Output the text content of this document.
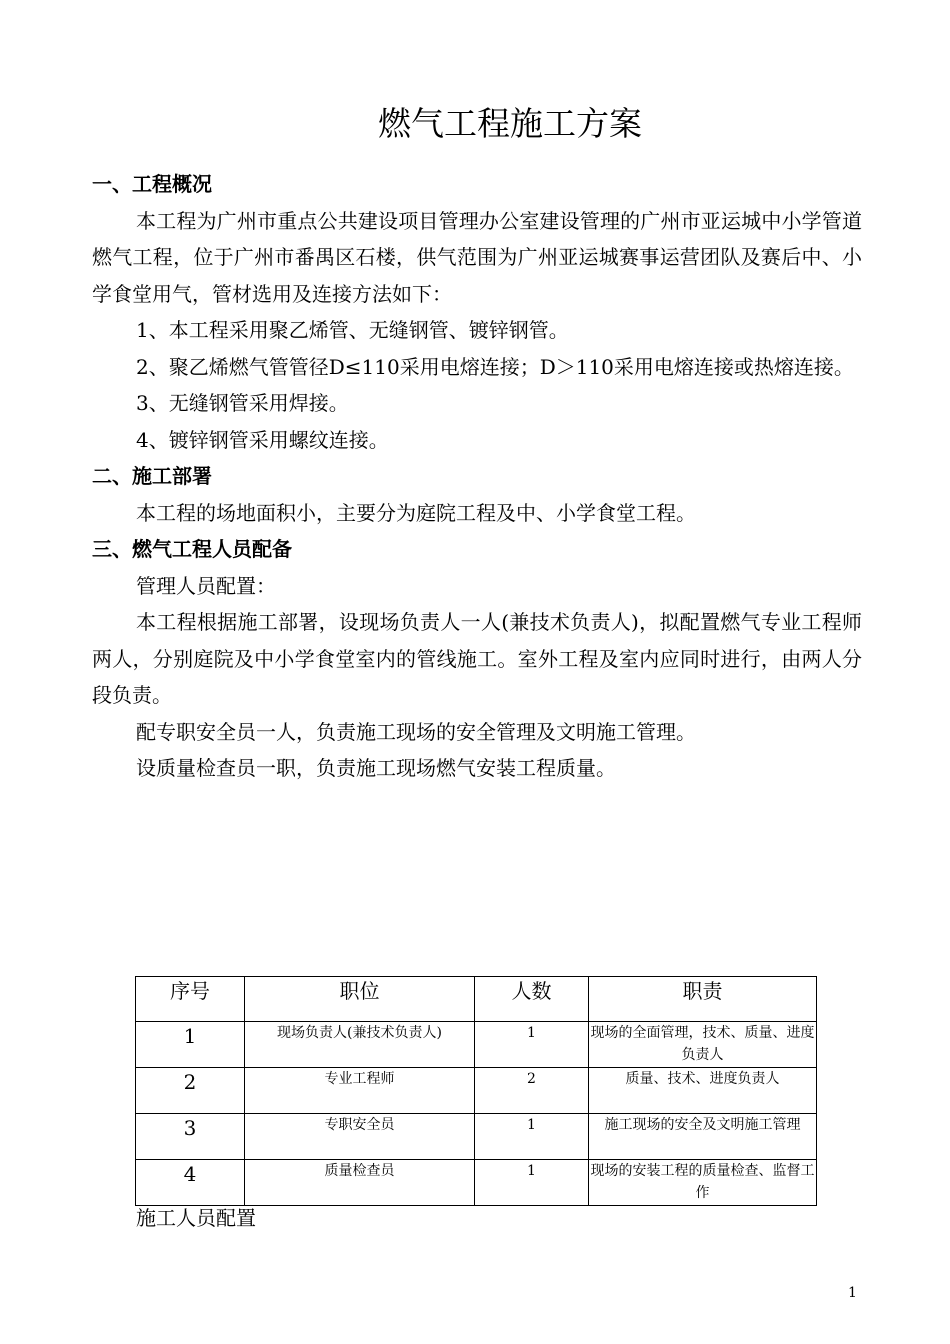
燃气工程施工方案
一、工程概况
本工程为广州市重点公共建设项目管理办公室建设管理的广州市亚运城中小学管道燃气工程，位于广州市番禺区石楼，供气范围为广州亚运城赛事运营团队及赛后中、小学食堂用气，管材选用及连接方法如下：
1、本工程采用聚乙烯管、无缝钢管、镀锌钢管。
2、聚乙烯燃气管管径D≤110采用电熔连接；D＞110采用电熔连接或热熔连接。
3、无缝钢管采用焊接。
4、镀锌钢管采用螺纹连接。
二、施工部署
本工程的场地面积小，主要分为庭院工程及中、小学食堂工程。
三、燃气工程人员配备
管理人员配置：
本工程根据施工部署，设现场负责人一人(兼技术负责人)，拟配置燃气专业工程师两人，分别庭院及中小学食堂室内的管线施工。室外工程及室内应同时进行，由两人分段负责。
配专职安全员一人，负责施工现场的安全管理及文明施工管理。
设质量检查员一职，负责施工现场燃气安装工程质量。
序号	职位	人数	职责
1	现场负责人(兼技术负责人)	1	现场的全面管理，技术、质量、进度负责人
2	专业工程师	2	质量、技术、进度负责人
3	专职安全员	1	施工现场的安全及文明施工管理
4	质量检查员	1	现场的安装工程的质量检查、监督工作
施工人员配置
1
